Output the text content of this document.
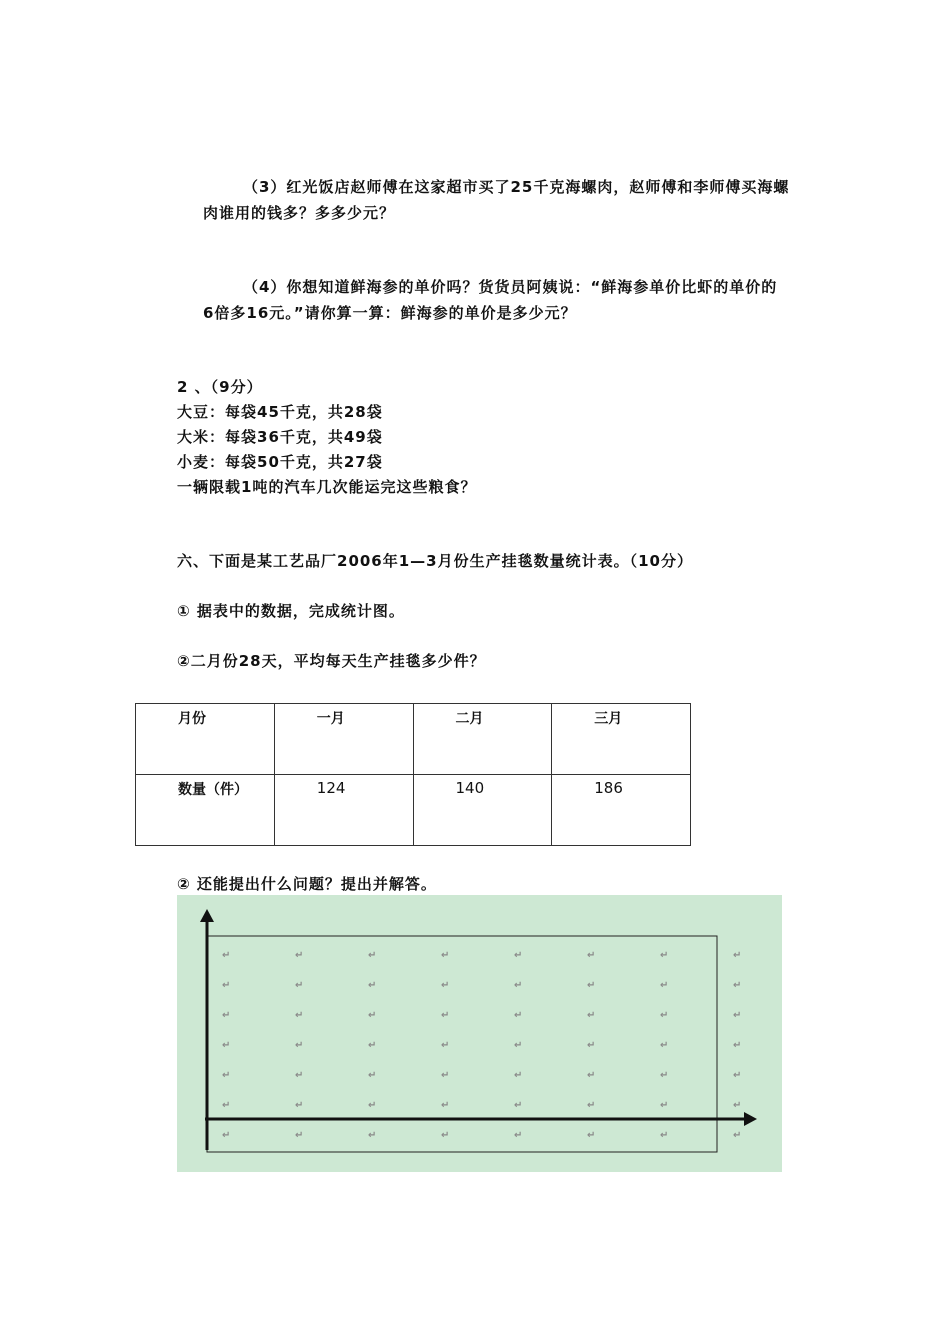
（3）红光饭店赵师傅在这家超市买了25千克海螺肉，赵师傅和李师傅买海螺
肉谁用的钱多？多多少元？
（4）你想知道鲜海参的单价吗？货货员阿姨说：“鲜海参单价比虾的单价的
6倍多16元。”请你算一算：鲜海参的单价是多少元？
2 、（9分）
大豆：每袋45千克，共28袋
大米：每袋36千克，共49袋
小麦：每袋50千克，共27袋
一辆限载1吨的汽车几次能运完这些粮食？
六、下面是某工艺品厂2006年1—3月份生产挂毯数量统计表。（10分）
① 据表中的数据，完成统计图。
②二月份28天，平均每天生产挂毯多少件？
月份	一月	二月	三月
数量（件）	124	140	186
② 还能提出什么问题？提出并解答。
↵	↵	↵	↵	↵	↵	↵	↵
↵	↵	↵	↵	↵	↵	↵	↵
↵	↵	↵	↵	↵	↵	↵	↵
↵	↵	↵	↵	↵	↵	↵	↵
↵	↵	↵	↵	↵	↵	↵	↵
↵	↵	↵	↵	↵	↵	↵	↵
↵	↵	↵	↵	↵	↵	↵	↵
